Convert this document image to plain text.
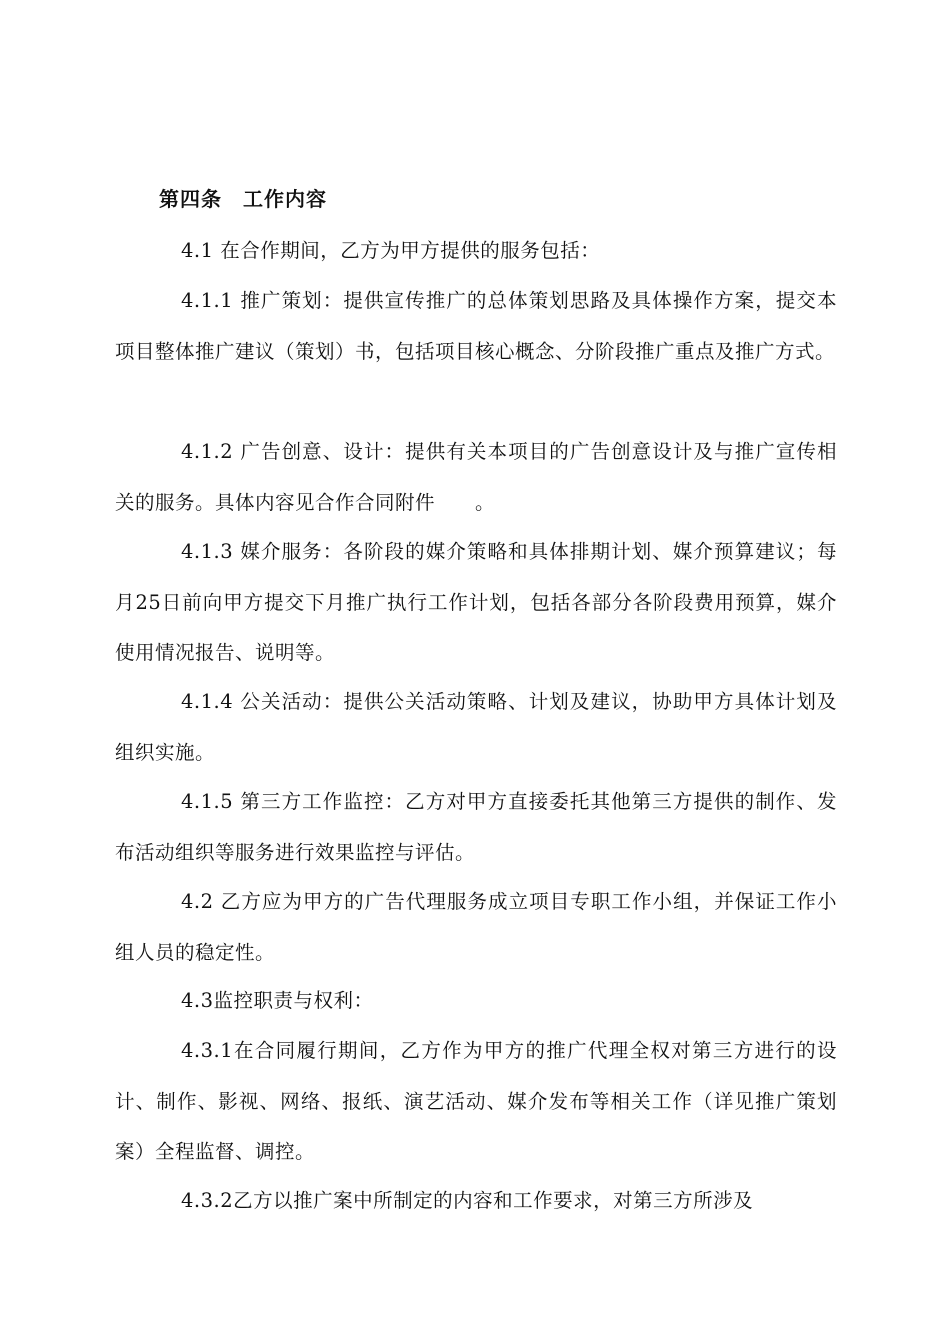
第四条　工作内容

4.1 在合作期间，乙方为甲方提供的服务包括：

4.1.1 推广策划：提供宣传推广的总体策划思路及具体操作方案，提交本项目整体推广建议（策划）书，包括项目核心概念、分阶段推广重点及推广方式。

4.1.2 广告创意、设计：提供有关本项目的广告创意设计及与推广宣传相关的服务。具体内容见合作合同附件　　。

4.1.3 媒介服务：各阶段的媒介策略和具体排期计划、媒介预算建议；每月25日前向甲方提交下月推广执行工作计划，包括各部分各阶段费用预算，媒介使用情况报告、说明等。

4.1.4 公关活动：提供公关活动策略、计划及建议，协助甲方具体计划及组织实施。

4.1.5 第三方工作监控：乙方对甲方直接委托其他第三方提供的制作、发布活动组织等服务进行效果监控与评估。

4.2 乙方应为甲方的广告代理服务成立项目专职工作小组，并保证工作小组人员的稳定性。

4.3监控职责与权利：

4.3.1在合同履行期间，乙方作为甲方的推广代理全权对第三方进行的设计、制作、影视、网络、报纸、演艺活动、媒介发布等相关工作（详见推广策划案）全程监督、调控。

4.3.2乙方以推广案中所制定的内容和工作要求，对第三方所涉及
